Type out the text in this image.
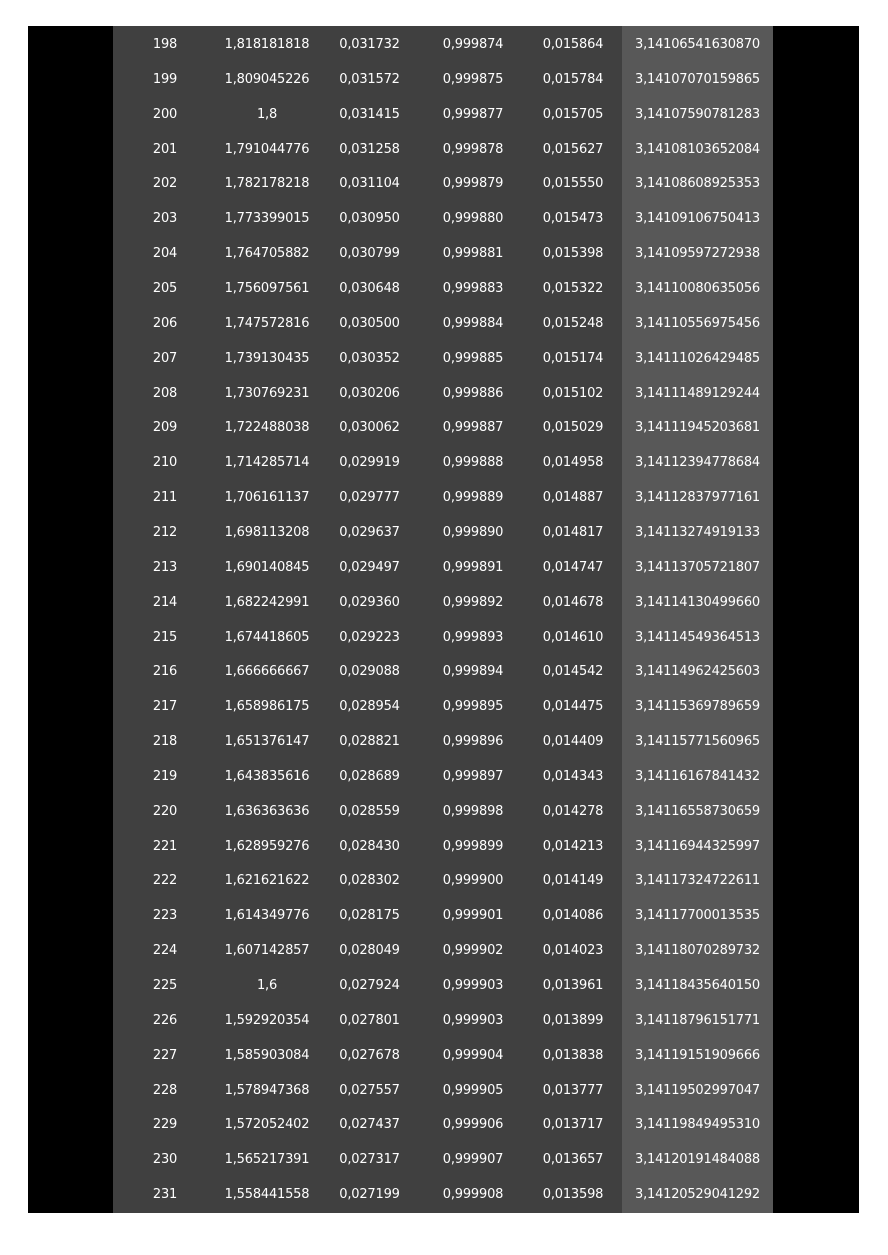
198	1,818181818	0,031732	0,999874	0,015864	3,14106541630870
199	1,809045226	0,031572	0,999875	0,015784	3,14107070159865
200	1,8	0,031415	0,999877	0,015705	3,14107590781283
201	1,791044776	0,031258	0,999878	0,015627	3,14108103652084
202	1,782178218	0,031104	0,999879	0,015550	3,14108608925353
203	1,773399015	0,030950	0,999880	0,015473	3,14109106750413
204	1,764705882	0,030799	0,999881	0,015398	3,14109597272938
205	1,756097561	0,030648	0,999883	0,015322	3,14110080635056
206	1,747572816	0,030500	0,999884	0,015248	3,14110556975456
207	1,739130435	0,030352	0,999885	0,015174	3,14111026429485
208	1,730769231	0,030206	0,999886	0,015102	3,14111489129244
209	1,722488038	0,030062	0,999887	0,015029	3,14111945203681
210	1,714285714	0,029919	0,999888	0,014958	3,14112394778684
211	1,706161137	0,029777	0,999889	0,014887	3,14112837977161
212	1,698113208	0,029637	0,999890	0,014817	3,14113274919133
213	1,690140845	0,029497	0,999891	0,014747	3,14113705721807
214	1,682242991	0,029360	0,999892	0,014678	3,14114130499660
215	1,674418605	0,029223	0,999893	0,014610	3,14114549364513
216	1,666666667	0,029088	0,999894	0,014542	3,14114962425603
217	1,658986175	0,028954	0,999895	0,014475	3,14115369789659
218	1,651376147	0,028821	0,999896	0,014409	3,14115771560965
219	1,643835616	0,028689	0,999897	0,014343	3,14116167841432
220	1,636363636	0,028559	0,999898	0,014278	3,14116558730659
221	1,628959276	0,028430	0,999899	0,014213	3,14116944325997
222	1,621621622	0,028302	0,999900	0,014149	3,14117324722611
223	1,614349776	0,028175	0,999901	0,014086	3,14117700013535
224	1,607142857	0,028049	0,999902	0,014023	3,14118070289732
225	1,6	0,027924	0,999903	0,013961	3,14118435640150
226	1,592920354	0,027801	0,999903	0,013899	3,14118796151771
227	1,585903084	0,027678	0,999904	0,013838	3,14119151909666
228	1,578947368	0,027557	0,999905	0,013777	3,14119502997047
229	1,572052402	0,027437	0,999906	0,013717	3,14119849495310
230	1,565217391	0,027317	0,999907	0,013657	3,14120191484088
231	1,558441558	0,027199	0,999908	0,013598	3,14120529041292
